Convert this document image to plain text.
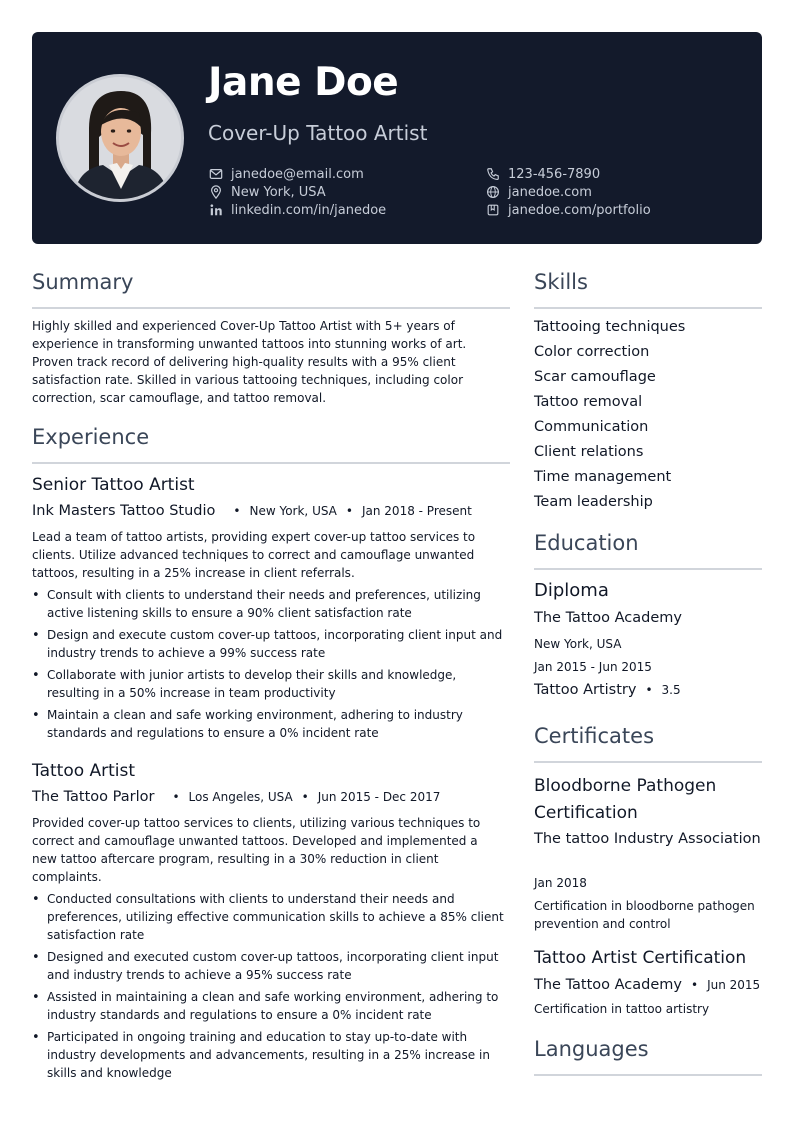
Jane Doe
Cover-Up Tattoo Artist
janedoe@email.com
New York, USA
linkedin.com/in/janedoe
123-456-7890
janedoe.com
janedoe.com/portfolio
Summary
Highly skilled and experienced Cover-Up Tattoo Artist with 5+ years of experience in transforming unwanted tattoos into stunning works of art. Proven track record of delivering high-quality results with a 95% client satisfaction rate. Skilled in various tattooing techniques, including color correction, scar camouflage, and tattoo removal.
Experience
Senior Tattoo Artist
Ink Masters Tattoo Studio • New York, USA • Jan 2018 - Present
Lead a team of tattoo artists, providing expert cover-up tattoo services to clients. Utilize advanced techniques to correct and camouflage unwanted tattoos, resulting in a 25% increase in client referrals.
• Consult with clients to understand their needs and preferences, utilizing active listening skills to ensure a 90% client satisfaction rate
• Design and execute custom cover-up tattoos, incorporating client input and industry trends to achieve a 99% success rate
• Collaborate with junior artists to develop their skills and knowledge, resulting in a 50% increase in team productivity
• Maintain a clean and safe working environment, adhering to industry standards and regulations to ensure a 0% incident rate
Tattoo Artist
The Tattoo Parlor • Los Angeles, USA • Jun 2015 - Dec 2017
Provided cover-up tattoo services to clients, utilizing various techniques to correct and camouflage unwanted tattoos. Developed and implemented a new tattoo aftercare program, resulting in a 30% reduction in client complaints.
• Conducted consultations with clients to understand their needs and preferences, utilizing effective communication skills to achieve a 85% client satisfaction rate
• Designed and executed custom cover-up tattoos, incorporating client input and industry trends to achieve a 95% success rate
• Assisted in maintaining a clean and safe working environment, adhering to industry standards and regulations to ensure a 0% incident rate
• Participated in ongoing training and education to stay up-to-date with industry developments and advancements, resulting in a 25% increase in skills and knowledge
Skills
Tattooing techniques
Color correction
Scar camouflage
Tattoo removal
Communication
Client relations
Time management
Team leadership
Education
Diploma
The Tattoo Academy
New York, USA
Jan 2015 - Jun 2015
Tattoo Artistry • 3.5
Certificates
Bloodborne Pathogen Certification
The tattoo Industry Association
Jan 2018
Certification in bloodborne pathogen prevention and control
Tattoo Artist Certification
The Tattoo Academy • Jun 2015
Certification in tattoo artistry
Languages
